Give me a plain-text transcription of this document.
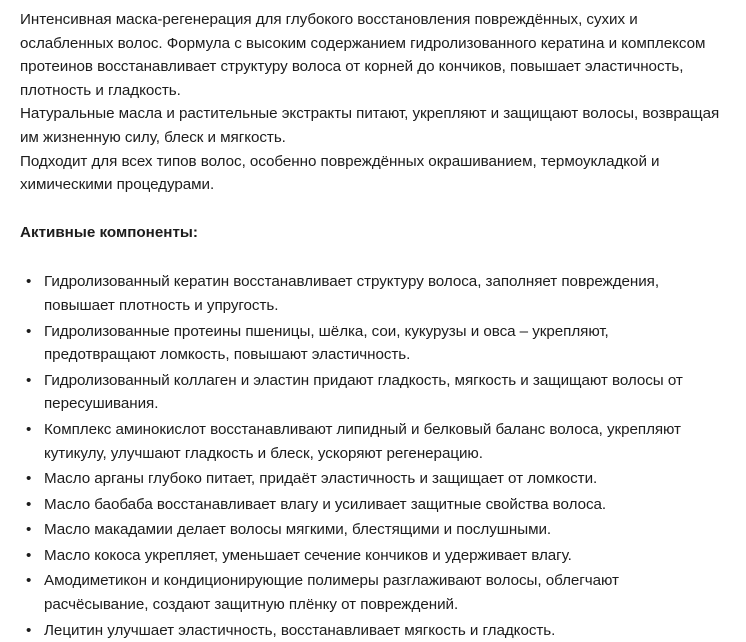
Интенсивная маска-регенерация для глубокого восстановления повреждённых, сухих и ослабленных волос. Формула с высоким содержанием гидролизованного кератина и комплексом протеинов восстанавливает структуру волоса от корней до кончиков, повышает эластичность, плотность и гладкость.

Натуральные масла и растительные экстракты питают, укрепляют и защищают волосы, возвращая им жизненную силу, блеск и мягкость.

Подходит для всех типов волос, особенно повреждённых окрашиванием, термоукладкой и химическими процедурами.

Активные компоненты:
• Гидролизованный кератин восстанавливает структуру волоса, заполняет повреждения, повышает плотность и упругость.
• Гидролизованные протеины пшеницы, шёлка, сои, кукурузы и овса – укрепляют, предотвращают ломкость, повышают эластичность.
• Гидролизованный коллаген и эластин придают гладкость, мягкость и защищают волосы от пересушивания.
• Комплекс аминокислот восстанавливают липидный и белковый баланс волоса, укрепляют кутикулу, улучшают гладкость и блеск, ускоряют регенерацию.
• Масло арганы глубоко питает, придаёт эластичность и защищает от ломкости.
• Масло баобаба восстанавливает влагу и усиливает защитные свойства волоса.
• Масло макадамии делает волосы мягкими, блестящими и послушными.
• Масло кокоса укрепляет, уменьшает сечение кончиков и удерживает влагу.
• Амодиметикон и кондиционирующие полимеры разглаживают волосы, облегчают расчёсывание, создают защитную плёнку от повреждений.
• Лецитин улучшает эластичность, восстанавливает мягкость и гладкость.
